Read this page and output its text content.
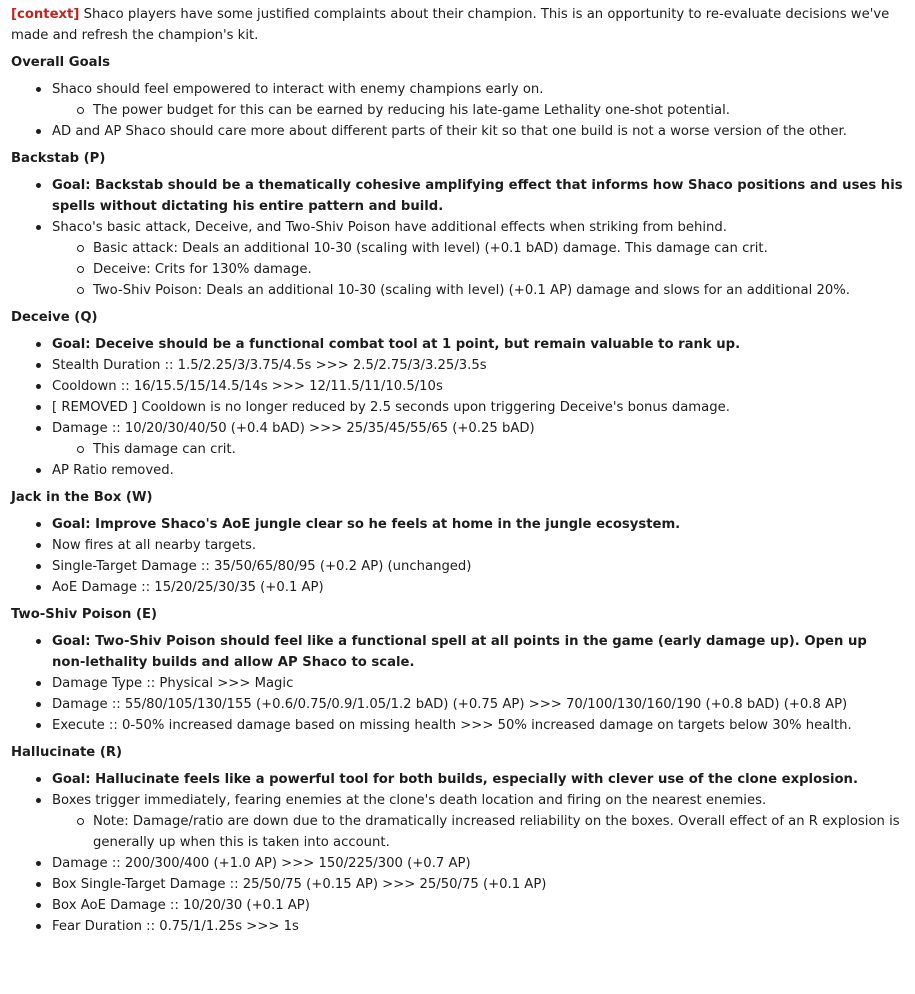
[context] Shaco players have some justified complaints about their champion. This is an opportunity to re-evaluate decisions we've made and refresh the champion's kit.

Overall Goals
Shaco should feel empowered to interact with enemy champions early on.
The power budget for this can be earned by reducing his late-game Lethality one-shot potential.
AD and AP Shaco should care more about different parts of their kit so that one build is not a worse version of the other.
Backstab (P)
Goal: Backstab should be a thematically cohesive amplifying effect that informs how Shaco positions and uses his spells without dictating his entire pattern and build.
Shaco's basic attack, Deceive, and Two-Shiv Poison have additional effects when striking from behind.
Basic attack: Deals an additional 10-30 (scaling with level) (+0.1 bAD) damage. This damage can crit.
Deceive: Crits for 130% damage.
Two-Shiv Poison: Deals an additional 10-30 (scaling with level) (+0.1 AP) damage and slows for an additional 20%.
Deceive (Q)
Goal: Deceive should be a functional combat tool at 1 point, but remain valuable to rank up.
Stealth Duration :: 1.5/2.25/3/3.75/4.5s >>> 2.5/2.75/3/3.25/3.5s
Cooldown :: 16/15.5/15/14.5/14s >>> 12/11.5/11/10.5/10s
[ REMOVED ] Cooldown is no longer reduced by 2.5 seconds upon triggering Deceive's bonus damage.
Damage :: 10/20/30/40/50 (+0.4 bAD) >>> 25/35/45/55/65 (+0.25 bAD)
This damage can crit.
AP Ratio removed.
Jack in the Box (W)
Goal: Improve Shaco's AoE jungle clear so he feels at home in the jungle ecosystem.
Now fires at all nearby targets.
Single-Target Damage :: 35/50/65/80/95 (+0.2 AP) (unchanged)
AoE Damage :: 15/20/25/30/35 (+0.1 AP)
Two-Shiv Poison (E)
Goal: Two-Shiv Poison should feel like a functional spell at all points in the game (early damage up). Open up non-lethality builds and allow AP Shaco to scale.
Damage Type :: Physical >>> Magic
Damage :: 55/80/105/130/155 (+0.6/0.75/0.9/1.05/1.2 bAD) (+0.75 AP) >>> 70/100/130/160/190 (+0.8 bAD) (+0.8 AP)
Execute :: 0-50% increased damage based on missing health >>> 50% increased damage on targets below 30% health.
Hallucinate (R)
Goal: Hallucinate feels like a powerful tool for both builds, especially with clever use of the clone explosion.
Boxes trigger immediately, fearing enemies at the clone's death location and firing on the nearest enemies.
Note: Damage/ratio are down due to the dramatically increased reliability on the boxes. Overall effect of an R explosion is generally up when this is taken into account.
Damage :: 200/300/400 (+1.0 AP) >>> 150/225/300 (+0.7 AP)
Box Single-Target Damage :: 25/50/75 (+0.15 AP) >>> 25/50/75 (+0.1 AP)
Box AoE Damage :: 10/20/30 (+0.1 AP)
Fear Duration :: 0.75/1/1.25s >>> 1s
